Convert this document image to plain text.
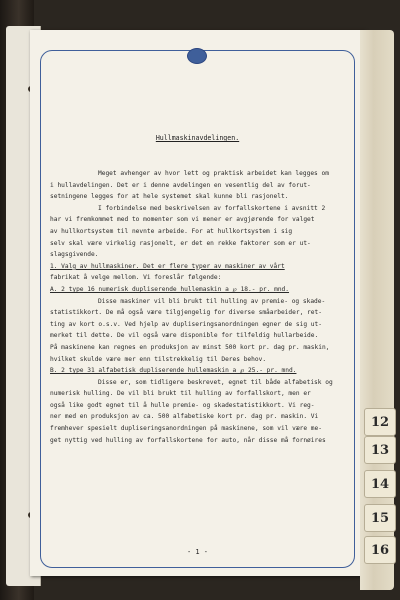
Hullmaskinavdelingen.

Meget avhenger av hvor lett og praktisk arbeidet kan legges om

i hullavdelingen. Det er i denne avdelingen en vesentlig del av forut-

setningene legges for at hele systemet skal kunne bli rasjonelt.

I forbindelse med beskrivelsen av forfallskortene i avsnitt 2

har vi fremkommet med to momenter som vi mener er avgjørende for valget

av hullkortsystem til nevnte arbeide. For at hullkortsystem i sig

selv skal være virkelig rasjonelt, er det en rekke faktorer som er ut-

slagsgivende.

1. Valg av hullmaskiner. Det er flere typer av maskiner av vårt

fabrikat å velge mellom. Vi foreslår følgende:

A. 2 type 16 numerisk dupliserende hullemaskin a ℘ 18.- pr. mnd.

Disse maskiner vil bli brukt til hulling av premie- og skade-

statistikkort. De må også være tilgjengelig for diverse småarbeider, ret-

ting av kort o.s.v. Ved hjelp av dupliseringsanordningen egner de sig ut-

merket til dette. De vil også være disponible for tilfeldig hullarbeide.

På maskinene kan regnes en produksjon av minst 500 kort pr. dag pr. maskin,

hvilket skulde være mer enn tilstrekkelig til Deres behov.

B. 2 type 31 alfabetisk dupliserende hullemaskin a ℘ 25.- pr. mnd.

Disse er, som tidligere beskrevet, egnet til både alfabetisk og

numerisk hulling. De vil bli brukt til hulling av forfallskort, men er

også like godt egnet til å hulle premie- og skadestatistikkort. Vi reg-

ner med en produksjon av ca. 500 alfabetiske kort pr. dag pr. maskin. Vi

fremhever spesielt dupliseringsanordningen på maskinene, som vil være me-

get nyttig ved hulling av forfallskortene for auto, når disse må fornøires

- 1 -
12
13
14
15
16
